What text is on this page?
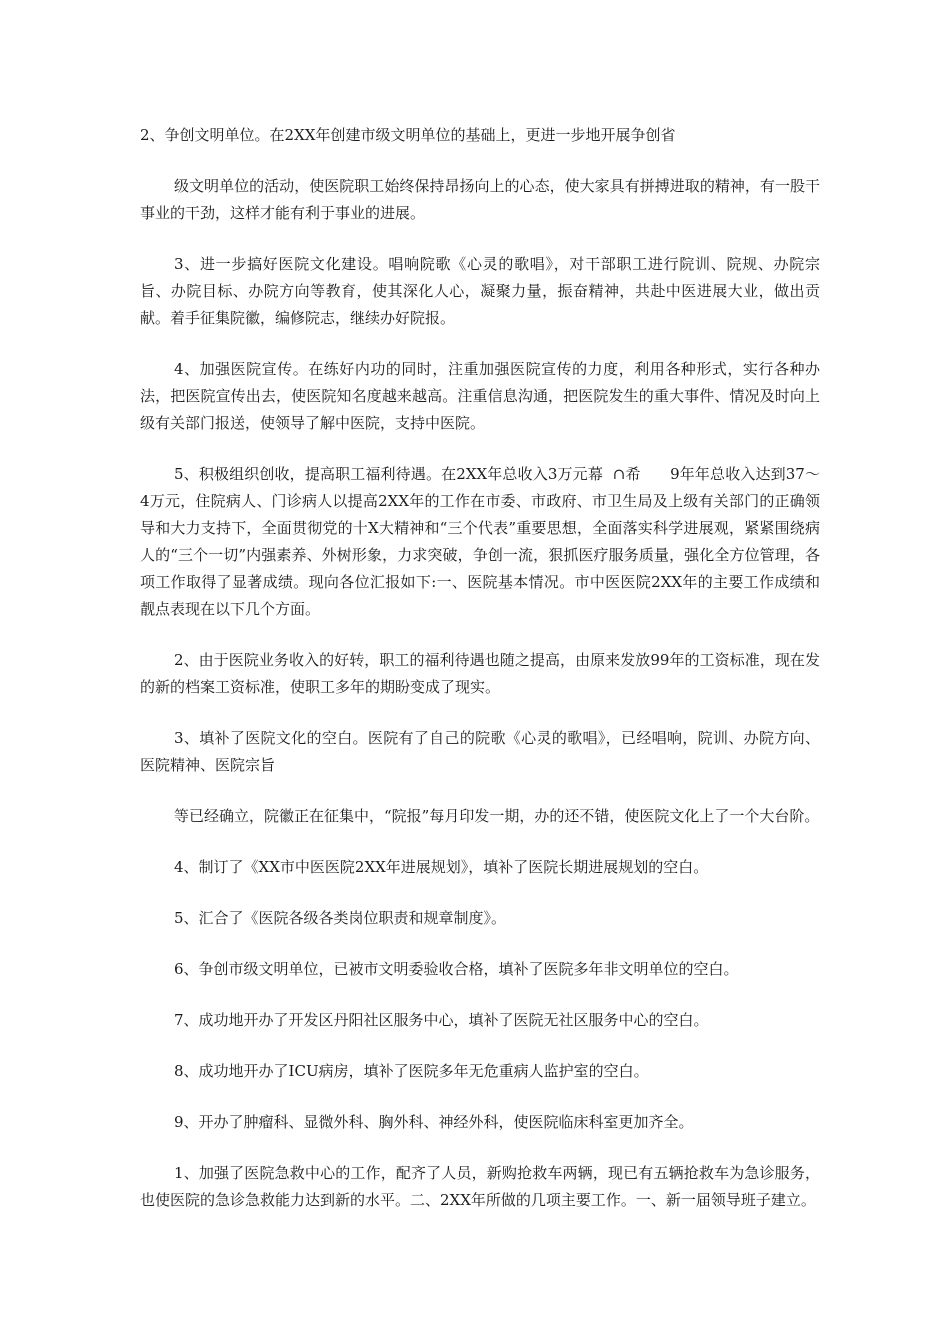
2、争创文明单位。在2XX年创建市级文明单位的基础上，更进一步地开展争创省

级文明单位的活动，使医院职工始终保持昂扬向上的心态，使大家具有拼搏进取的精神，有一股干事业的干劲，这样才能有利于事业的进展。

3、进一步搞好医院文化建设。唱响院歌《心灵的歌唱》，对干部职工进行院训、院规、办院宗旨、办院目标、办院方向等教育，使其深化人心，凝聚力量，振奋精神，共赴中医进展大业，做出贡献。着手征集院徽，编修院志，继续办好院报。

4、加强医院宣传。在练好内功的同时，注重加强医院宣传的力度，利用各种形式，实行各种办法，把医院宣传出去，使医院知名度越来越高。注重信息沟通，把医院发生的重大事件、情况及时向上级有关部门报送，使领导了解中医院，支持中医院。

5、积极组织创收，提高职工福利待遇。在2XX年总收入3万元幕  ∩希      9年年总收入达到37～4万元，住院病人、门诊病人以提高2XX年的工作在市委、市政府、市卫生局及上级有关部门的正确领导和大力支持下，全面贯彻党的十X大精神和“三个代表”重要思想，全面落实科学进展观，紧紧围绕病人的“三个一切”内强素养、外树形象，力求突破，争创一流，狠抓医疗服务质量，强化全方位管理，各项工作取得了显著成绩。现向各位汇报如下:一、医院基本情况。市中医医院2XX年的主要工作成绩和靓点表现在以下几个方面。

2、由于医院业务收入的好转，职工的福利待遇也随之提高，由原来发放99年的工资标准，现在发的新的档案工资标准，使职工多年的期盼变成了现实。

3、填补了医院文化的空白。医院有了自己的院歌《心灵的歌唱》，已经唱响，院训、办院方向、医院精神、医院宗旨

等已经确立，院徽正在征集中，“院报”每月印发一期，办的还不错，使医院文化上了一个大台阶。

4、制订了《XX市中医医院2XX年进展规划》，填补了医院长期进展规划的空白。

5、汇合了《医院各级各类岗位职责和规章制度》。

6、争创市级文明单位，已被市文明委验收合格，填补了医院多年非文明单位的空白。

7、成功地开办了开发区丹阳社区服务中心，填补了医院无社区服务中心的空白。

8、成功地开办了ICU病房，填补了医院多年无危重病人监护室的空白。

9、开办了肿瘤科、显微外科、胸外科、神经外科，使医院临床科室更加齐全。

1、加强了医院急救中心的工作，配齐了人员，新购抢救车两辆，现已有五辆抢救车为急诊服务，也使医院的急诊急救能力达到新的水平。二、2XX年所做的几项主要工作。一、新一届领导班子建立。
